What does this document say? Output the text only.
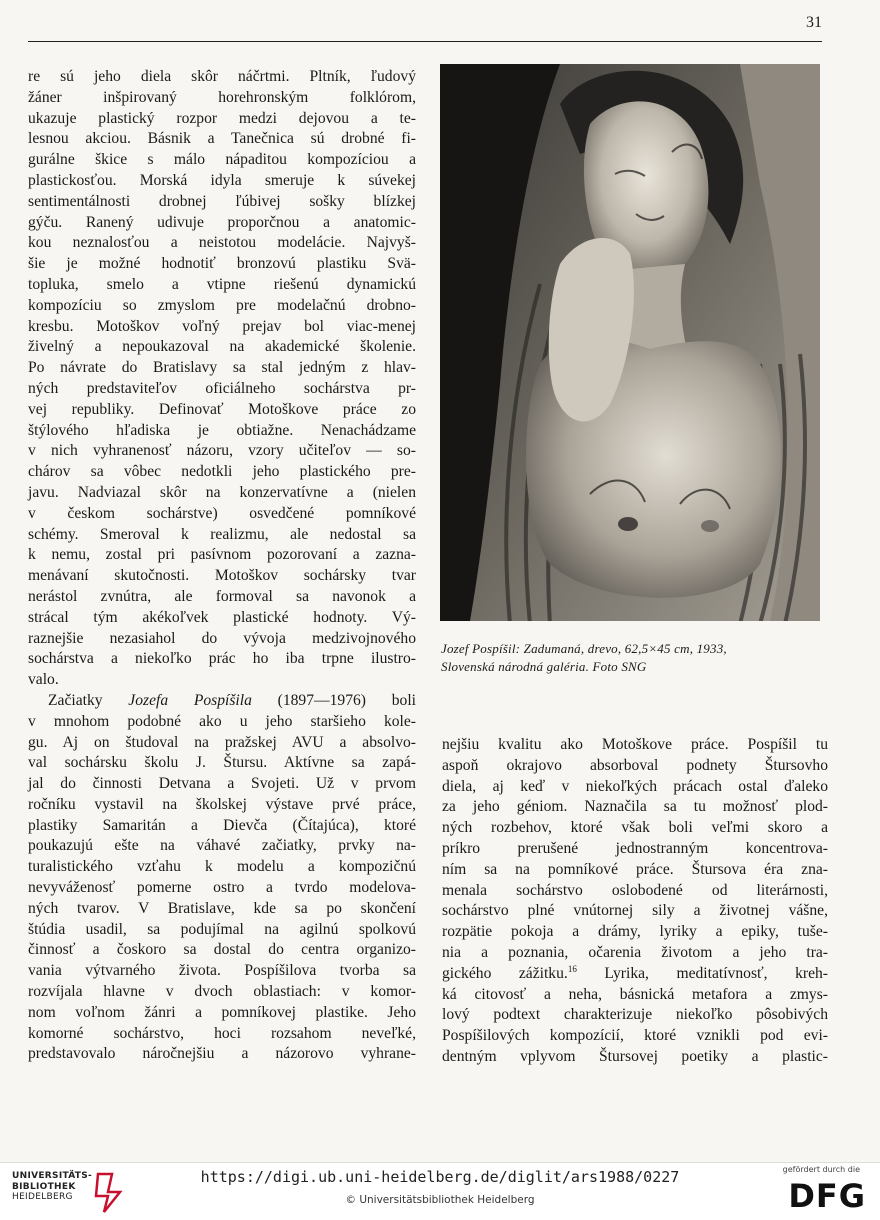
31

re sú jeho diela skôr náčrtmi. Pltník, ľudový
žáner inšpirovaný horehronským folklórom,
ukazuje plastický rozpor medzi dejovou a te-
lesnou akciou. Básnik a Tanečnica sú drobné fi-
gurálne škice s málo nápaditou kompozíciou a
plastickosťou. Morská idyla smeruje k súvekej
sentimentálnosti drobnej ľúbivej sošky blízkej
gýču. Ranený udivuje proporčnou a anatomic-
kou neznalosťou a neistotou modelácie. Najvyš-
šie je možné hodnotiť bronzovú plastiku Svä-
topluka, smelo a vtipne riešenú dynamickú
kompozíciu so zmyslom pre modelačnú drobno-
kresbu. Motoškov voľný prejav bol viac-menej
živelný a nepoukazoval na akademické školenie.
Po návrate do Bratislavy sa stal jedným z hlav-
ných predstaviteľov oficiálneho sochárstva pr-
vej republiky. Definovať Motoškove práce zo
štýlového hľadiska je obtiažne. Nenachádzame
v nich vyhranenosť názoru, vzory učiteľov — so-
chárov sa vôbec nedotkli jeho plastického pre-
javu. Nadviazal skôr na konzervatívne a (nielen
v českom sochárstve) osvedčené pomníkové
schémy. Smeroval k realizmu, ale nedostal sa
k nemu, zostal pri pasívnom pozorovaní a zazna-
menávaní skutočnosti. Motoškov sochársky tvar
nerástol zvnútra, ale formoval sa navonok a
strácal tým akékoľvek plastické hodnoty. Vý-
raznejšie nezasiahol do vývoja medzivojnového
sochárstva a niekoľko prác ho iba trpne ilustro-
valo.

Začiatky Jozefa Pospíšila (1897—1976) boli
v mnohom podobné ako u jeho staršieho kole-
gu. Aj on študoval na pražskej AVU a absolvo-
val sochársku školu J. Štursu. Aktívne sa zapá-
jal do činnosti Detvana a Svojeti. Už v prvom
ročníku vystavil na školskej výstave prvé práce,
plastiky Samaritán a Dievča (Čítajúca), ktoré
poukazujú ešte na váhavé začiatky, prvky na-
turalistického vzťahu k modelu a kompozičnú
nevyváženosť pomerne ostro a tvrdo modelova-
ných tvarov. V Bratislave, kde sa po skončení
štúdia usadil, sa podujímal na agilnú spolkovú
činnosť a čoskoro sa dostal do centra organizo-
vania výtvarného života. Pospíšilova tvorba sa
rozvíjala hlavne v dvoch oblastiach: v komor-
nom voľnom žánri a pomníkovej plastike. Jeho
komorné sochárstvo, hoci rozsahom neveľké,
predstavovalo náročnejšiu a názorovo vyhrane-

Jozef Pospíšil: Zadumaná, drevo, 62,5×45 cm, 1933,
Slovenská národná galéria. Foto SNG

nejšiu kvalitu ako Motoškove práce. Pospíšil tu
aspoň okrajovo absorboval podnety Štursovho
diela, aj keď v niekoľkých prácach ostal ďaleko
za jeho géniom. Naznačila sa tu možnosť plod-
ných rozbehov, ktoré však boli veľmi skoro a
príkro prerušené jednostranným koncentrova-
ním sa na pomníkové práce. Štursova éra zna-
menala sochárstvo oslobodené od literárnosti,
sochárstvo plné vnútornej sily a životnej vášne,
rozpätie pokoja a drámy, lyriky a epiky, tuše-
nia a poznania, očarenia životom a jeho tra-
gického zážitku.$^{16}$ Lyrika, meditatívnosť, kreh-
ká citovosť a neha, básnická metafora a zmys-
lový podtext charakterizuje niekoľko pôsobivých
Pospíšilových kompozícií, ktoré vznikli pod evi-
dentným vplyvom Štursovej poetiky a plastic-

UNIVERSITÄTS-
BIBLIOTHEK
HEIDELBERG
https://digi.ub.uni-heidelberg.de/diglit/ars1988/0227
© Universitätsbibliothek Heidelberg
gefördert durch die
DFG
